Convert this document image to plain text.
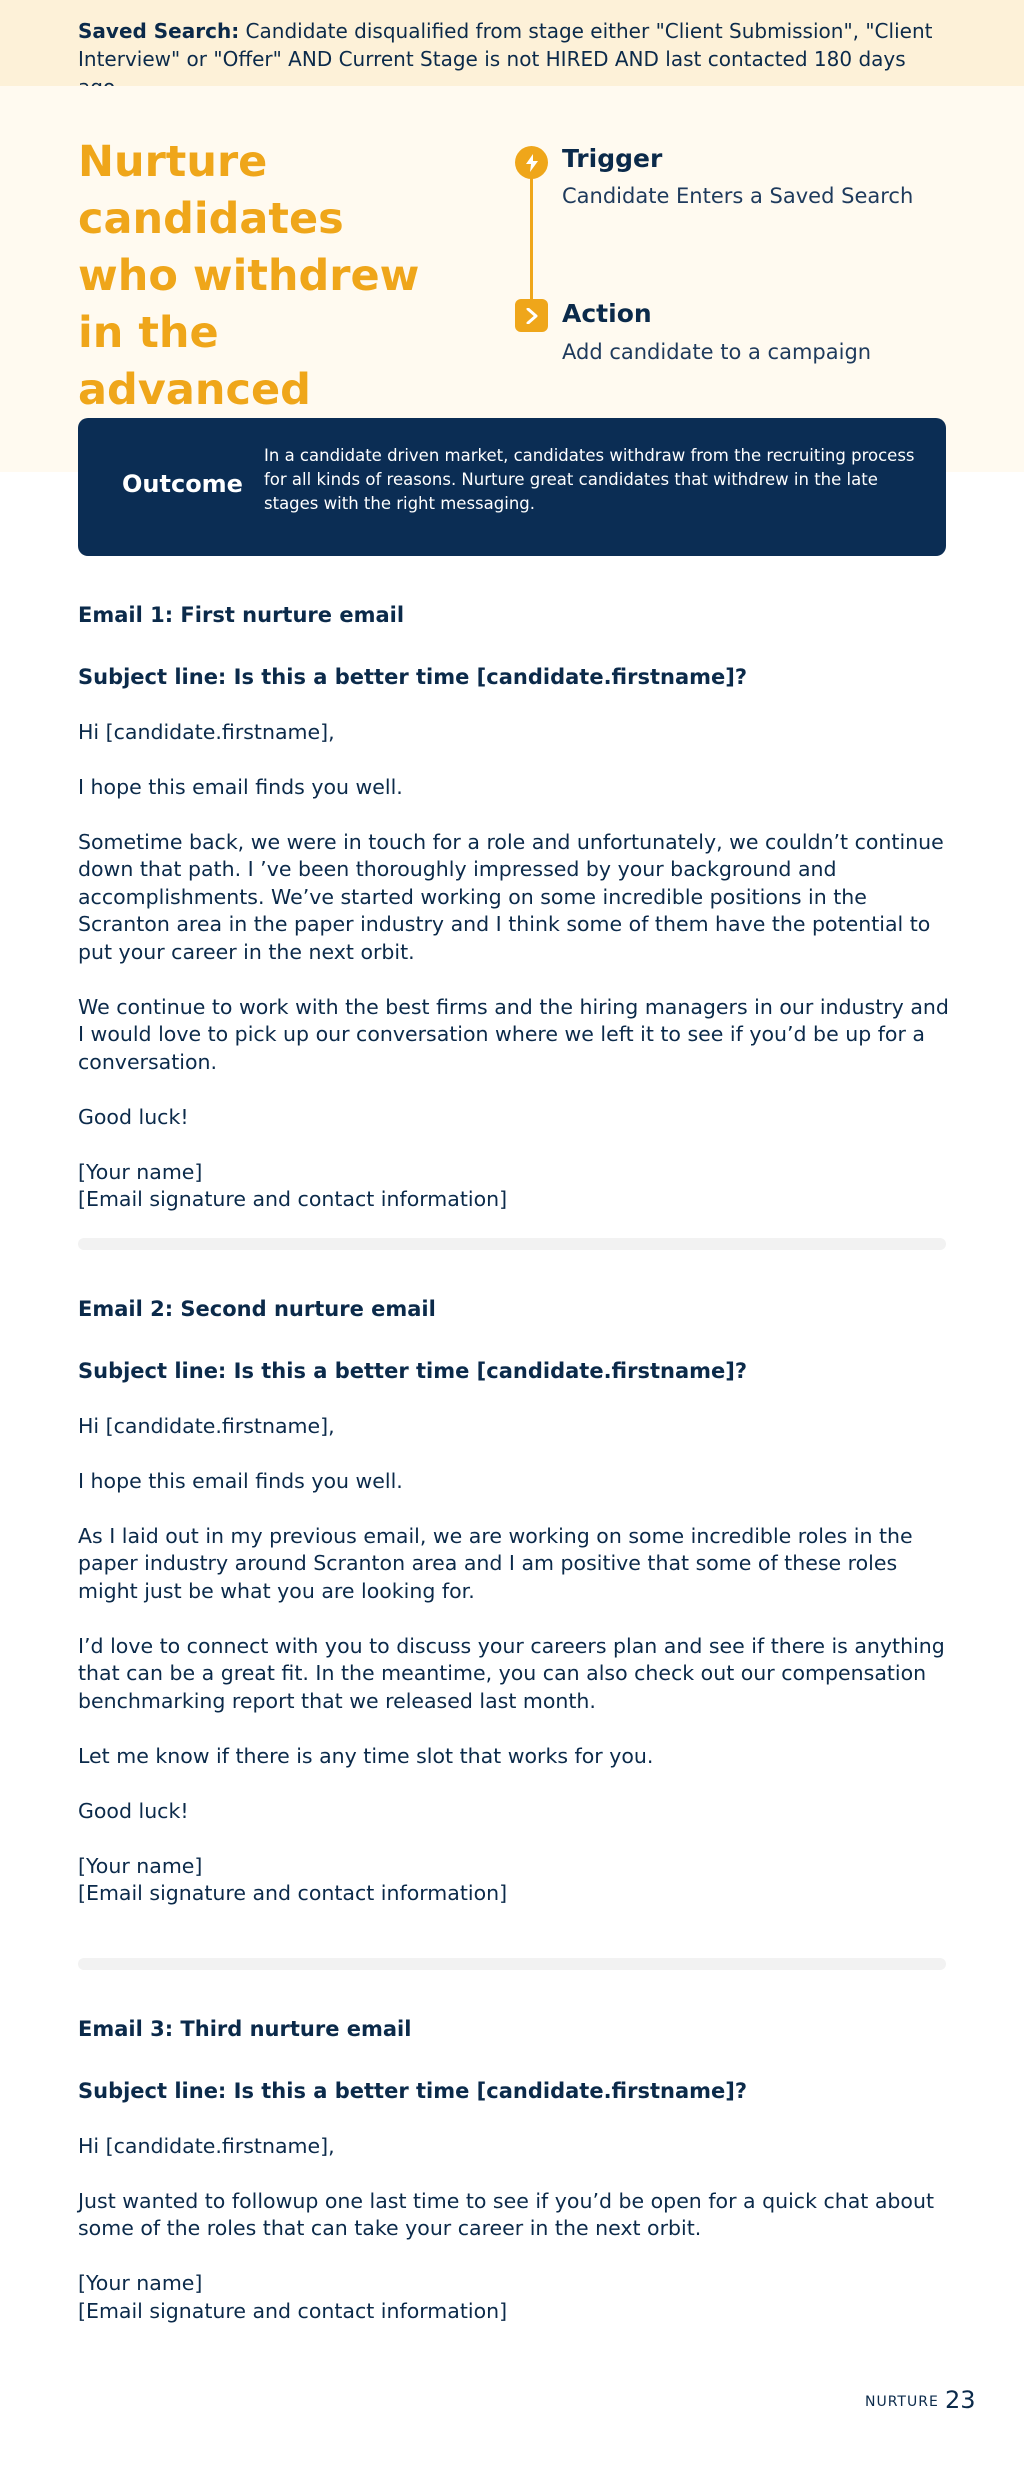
Saved Search: Candidate disqualified from stage either "Client Submission", "Client Interview" or "Offer" AND Current Stage is not HIRED AND last contacted 180 days
Nurture candidates who withdrew in the advanced
Trigger
Candidate Enters a Saved Search
Action
Add candidate to a campaign
Outcome
In a candidate driven market, candidates withdraw from the recruiting process for all kinds of reasons. Nurture great candidates that withdrew in the late stages with the right messaging.
Email 1: First nurture email
Subject line: Is this a better time [candidate.firstname]?

Hi [candidate.firstname],

I hope this email finds you well.

Sometime back, we were in touch for a role and unfortunately, we couldn’t continue down that path. I ’ve been thoroughly impressed by your background and accomplishments. We’ve started working on some incredible positions in the Scranton area in the paper industry and I think some of them have the potential to put your career in the next orbit.

We continue to work with the best firms and the hiring managers in our industry and I would love to pick up our conversation where we left it to see if you’d be up for a conversation.

Good luck!

[Your name]
[Email signature and contact information]
Email 2: Second nurture email
Subject line: Is this a better time [candidate.firstname]?

Hi [candidate.firstname],

I hope this email finds you well.

As I laid out in my previous email, we are working on some incredible roles in the paper industry around Scranton area and I am positive that some of these roles might just be what you are looking for.

I’d love to connect with you to discuss your careers plan and see if there is anything that can be a great fit. In the meantime, you can also check out our compensation benchmarking report that we released last month.

Let me know if there is any time slot that works for you.

Good luck!

[Your name]
[Email signature and contact information]
Email 3: Third nurture email
Subject line: Is this a better time [candidate.firstname]?

Hi [candidate.firstname],

Just wanted to followup one last time to see if you’d be open for a quick chat about some of the roles that can take your career in the next orbit.

[Your name]
[Email signature and contact information]
NURTURE 23
